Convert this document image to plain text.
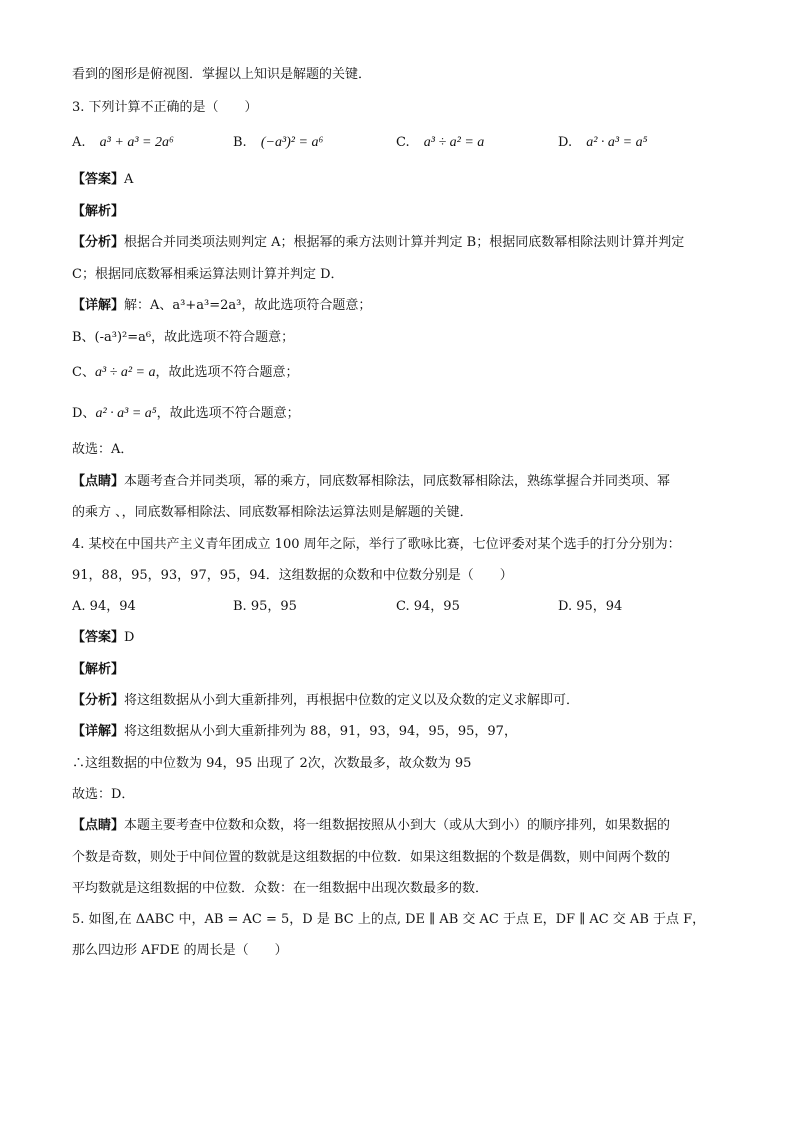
看到的图形是俯视图．掌握以上知识是解题的关键．
3. 下列计算不正确的是（　　）
A. a³ + a³ = 2a⁶	B. (−a³)² = a⁶	C. a³ ÷ a² = a	D. a² · a³ = a⁵
【答案】A
【解析】
【分析】根据合并同类项法则判定 A；根据幂的乘方法则计算并判定 B；根据同底数幂相除法则计算并判定
C；根据同底数幂相乘运算法则计算并判定 D．
【详解】解：A、a³+a³=2a³，故此选项符合题意；
B、(-a³)²=a⁶，故此选项不符合题意；
C、a³ ÷ a² = a，故此选项不符合题意；
D、a² · a³ = a⁵，故此选项不符合题意；
故选：A．
【点睛】本题考查合并同类项，幂的乘方，同底数幂相除法，同底数幂相除法，熟练掌握合并同类项、幂
的乘方 、，同底数幂相除法、同底数幂相除法运算法则是解题的关键．
4. 某校在中国共产主义青年团成立 100 周年之际，举行了歌咏比赛，七位评委对某个选手的打分分别为：
91，88，95，93，97，95，94．这组数据的众数和中位数分别是（　　）
A. 94，94	B. 95，95	C. 94，95	D. 95，94
【答案】D
【解析】
【分析】将这组数据从小到大重新排列，再根据中位数的定义以及众数的定义求解即可．
【详解】将这组数据从小到大重新排列为 88，91，93，94，95，95，97，
∴这组数据的中位数为 94，95 出现了 2次，次数最多，故众数为 95
故选：D．
【点睛】本题主要考查中位数和众数，将一组数据按照从小到大（或从大到小）的顺序排列，如果数据的
个数是奇数，则处于中间位置的数就是这组数据的中位数．如果这组数据的个数是偶数，则中间两个数的
平均数就是这组数据的中位数．众数：在一组数据中出现次数最多的数．
5. 如图,在 ΔABC 中，AB = AC = 5，D 是 BC 上的点, DE ∥ AB 交 AC 于点 E，DF ∥ AC 交 AB 于点 F，
那么四边形 AFDE 的周长是（　　）
